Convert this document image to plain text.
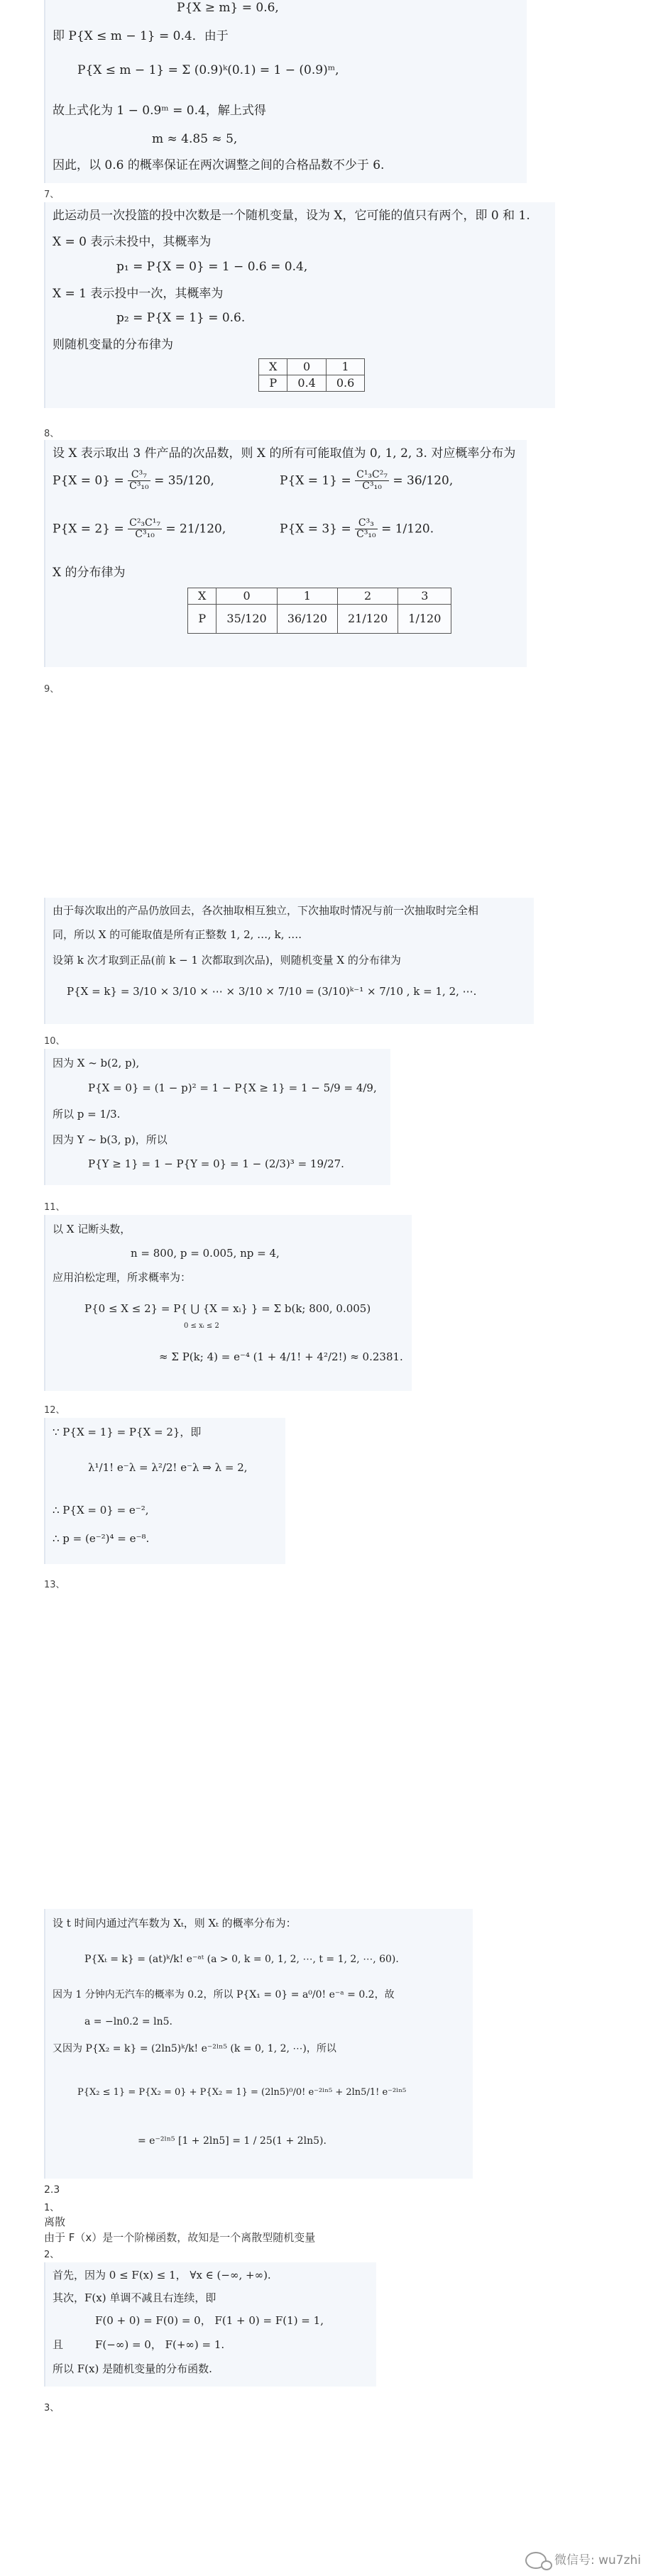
P{X ≥ m} = 0.6,
即 P{X ≤ m − 1} = 0.4．由于
P{X ≤ m − 1} = Σ (0.9)ᵏ(0.1) = 1 − (0.9)ᵐ,
故上式化为 1 − 0.9ᵐ = 0.4，解上式得
m ≈ 4.85 ≈ 5,
因此，以 0.6 的概率保证在两次调整之间的合格品数不少于 6.
7、
此运动员一次投篮的投中次数是一个随机变量，设为 X，它可能的值只有两个，即 0 和 1.
X = 0 表示未投中，其概率为
p₁ = P{X = 0} = 1 − 0.6 = 0.4,
X = 1 表示投中一次，其概率为
p₂ = P{X = 1} = 0.6.
则随机变量的分布律为
X	0	1
P	0.4	0.6
8、
设 X 表示取出 3 件产品的次品数，则 X 的所有可能取值为 0, 1, 2, 3. 对应概率分布为
$P\{X = 0\} = \frac{\text{C³₇}}{\text{C³₁₀}} = 35/120$,	$P\{X = 1\} = \frac{\text{C¹₃C²₇}}{\text{C³₁₀}} = 36/120$,
$P\{X = 2\} = \frac{\text{C²₃C¹₇}}{\text{C³₁₀}} = 21/120$,	$P\{X = 3\} = \frac{\text{C³₃}}{\text{C³₁₀}} = 1/120$.
X 的分布律为
X	0	1	2	3
P	35/120	36/120	21/120	1/120
9、
由于每次取出的产品仍放回去，各次抽取相互独立，下次抽取时情况与前一次抽取时完全相
同，所以 X 的可能取值是所有正整数 1, 2, …, k, ….
设第 k 次才取到正品(前 k − 1 次都取到次品)，则随机变量 X 的分布律为
P{X = k} = 3/10 × 3/10 × ⋯ × 3/10 × 7/10 = (3/10)ᵏ⁻¹ × 7/10 , k = 1, 2, ⋯.
10、
因为 X ~ b(2, p),
P{X = 0} = (1 − p)² = 1 − P{X ≥ 1} = 1 − 5/9 = 4/9,
所以 p = 1/3.
因为 Y ~ b(3, p)，所以
P{Y ≥ 1} = 1 − P{Y = 0} = 1 − (2/3)³ = 19/27.
11、
以 X 记断头数，
n = 800, p = 0.005, np = 4,
应用泊松定理，所求概率为：
P{0 ≤ X ≤ 2} = P{ ⋃ {X = xᵢ} } = Σ b(k; 800, 0.005)
0 ≤ xᵢ ≤ 2
≈ Σ P(k; 4) = e⁻⁴ (1 + 4/1! + 4²/2!) ≈ 0.2381.
12、
∵ P{X = 1} = P{X = 2}，即
λ¹/1! e⁻λ = λ²/2! e⁻λ ⇒ λ = 2,
∴ P{X = 0} = e⁻²,
∴ p = (e⁻²)⁴ = e⁻⁸.
13、
设 t 时间内通过汽车数为 Xₜ，则 Xₜ 的概率分布为：
P{Xₜ = k} = (at)ᵏ/k! e⁻ᵃᵗ (a > 0, k = 0, 1, 2, ⋯, t = 1, 2, ⋯, 60).
因为 1 分钟内无汽车的概率为 0.2，所以 P{X₁ = 0} = a⁰/0! e⁻ᵃ = 0.2，故
a = −ln0.2 = ln5.
又因为 P{X₂ = k} = (2ln5)ᵏ/k! e⁻²ˡⁿ⁵ (k = 0, 1, 2, ⋯)，所以
P{X₂ ≤ 1} = P{X₂ = 0} + P{X₂ = 1} = (2ln5)⁰/0! e⁻²ˡⁿ⁵ + 2ln5/1! e⁻²ˡⁿ⁵
= e⁻²ˡⁿ⁵ [1 + 2ln5] = 1 / 25(1 + 2ln5).
2.3
1、
离散
由于 F（x）是一个阶梯函数，故知是一个离散型随机变量
2、
首先，因为 0 ≤ F(x) ≤ 1， ∀x ∈ (−∞, +∞).
其次，F(x) 单调不减且右连续，即
F(0 + 0) = F(0) = 0， F(1 + 0) = F(1) = 1,
且	F(−∞) = 0， F(+∞) = 1.
所以 F(x) 是随机变量的分布函数.
3、
微信号: wu7zhi
